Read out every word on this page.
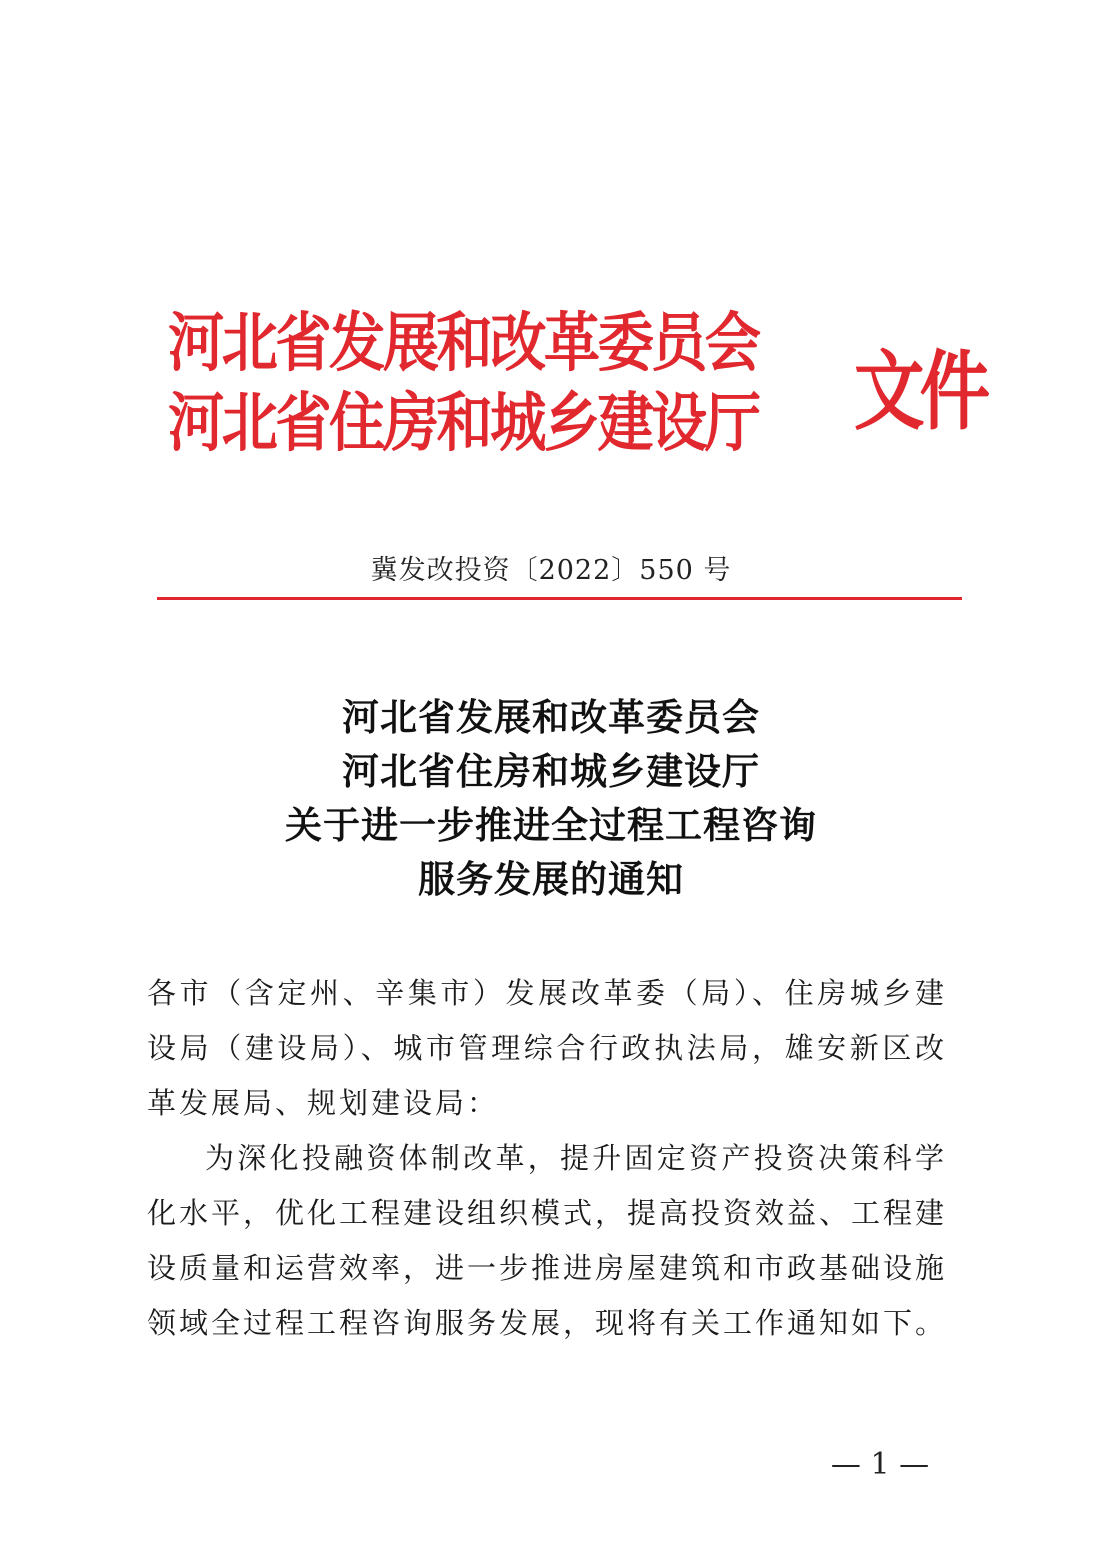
河北省发展和改革委员会
河北省住房和城乡建设厅 文件
冀发改投资〔2022〕550 号
河北省发展和改革委员会
河北省住房和城乡建设厅
关于进一步推进全过程工程咨询
服务发展的通知

各市（含定州、辛集市）发展改革委（局）、住房城乡建设局（建设局）、城市管理综合行政执法局，雄安新区改革发展局、规划建设局：

为深化投融资体制改革，提升固定资产投资决策科学化水平，优化工程建设组织模式，提高投资效益、工程建设质量和运营效率，进一步推进房屋建筑和市政基础设施领域全过程工程咨询服务发展，现将有关工作通知如下。

— 1 —
